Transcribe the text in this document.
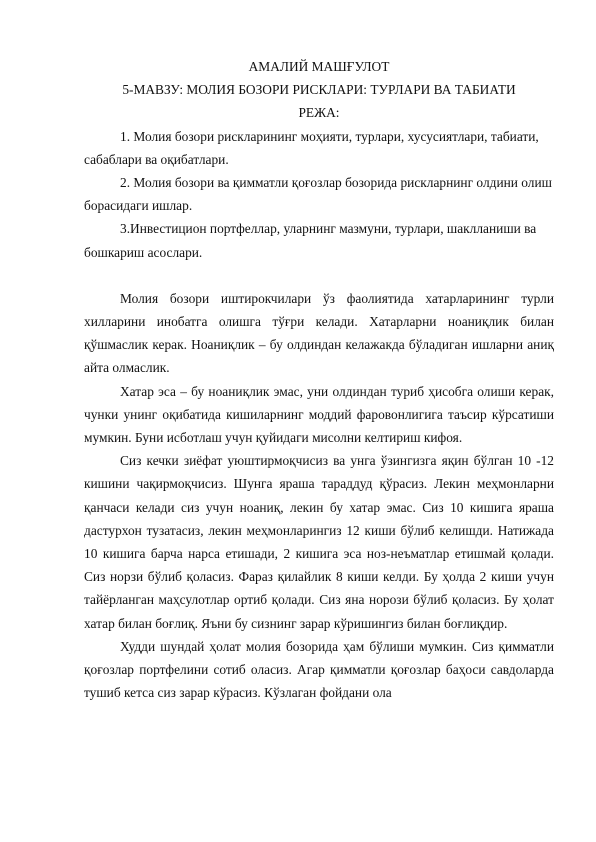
АМАЛИЙ МАШҒУЛОТ

5-МАВЗУ: МОЛИЯ БОЗОРИ РИСКЛАРИ: ТУРЛАРИ ВА ТАБИАТИ

РЕЖА:

1. Молия бозори рискларининг моҳияти, турлари, хусусиятлари, табиати, сабаблари ва оқибатлари.

2. Молия бозори ва қимматли қоғозлар бозорида рискларнинг олдини олиш борасидаги ишлар.

3.Инвестицион портфеллар, уларнинг мазмуни, турлари, шаклланиши ва бошкариш асослари.

Молия бозори иштирокчилари ўз фаолиятида хатарларининг турли хилларини инобатга олишга тўғри келади. Хатарларни ноаниқлик билан қўшмаслик керак. Ноаниқлик – бу олдиндан келажакда бўладиган ишларни аниқ айта олмаслик.

Хатар эса – бу ноаниқлик эмас, уни олдиндан туриб ҳисобга олиши керак, чунки унинг оқибатида кишиларнинг моддий фаровонлигига таъсир кўрсатиши мумкин. Буни исботлаш учун қуйидаги мисолни келтириш кифоя.

Сиз кечки зиёфат уюштирмоқчисиз ва унга ўзингизга яқин бўлган 10 -12 кишини чақирмоқчисиз. Шунга яраша тараддуд қўрасиз. Лекин меҳмонларни қанчаси келади сиз учун ноаниқ, лекин бу хатар эмас. Сиз 10 кишига яраша дастурхон тузатасиз, лекин меҳмонларингиз 12 киши бўлиб келишди. Натижада 10 кишига барча нарса етишади, 2 кишига эса ноз-неъматлар етишмай қолади. Сиз норзи бўлиб қоласиз. Фараз қилайлик 8 киши келди. Бу ҳолда 2 киши учун тайёрланган маҳсулотлар ортиб қолади. Сиз яна норози бўлиб қоласиз. Бу ҳолат хатар билан боғлиқ. Яъни бу сизнинг зарар кўришингиз билан боғлиқдир.

Худди шундай ҳолат молия бозорида ҳам бўлиши мумкин. Сиз қимматли қоғозлар портфелини сотиб оласиз. Агар қимматли қоғозлар баҳоси савдоларда тушиб кетса сиз зарар кўрасиз. Кўзлаган фойдани ола
